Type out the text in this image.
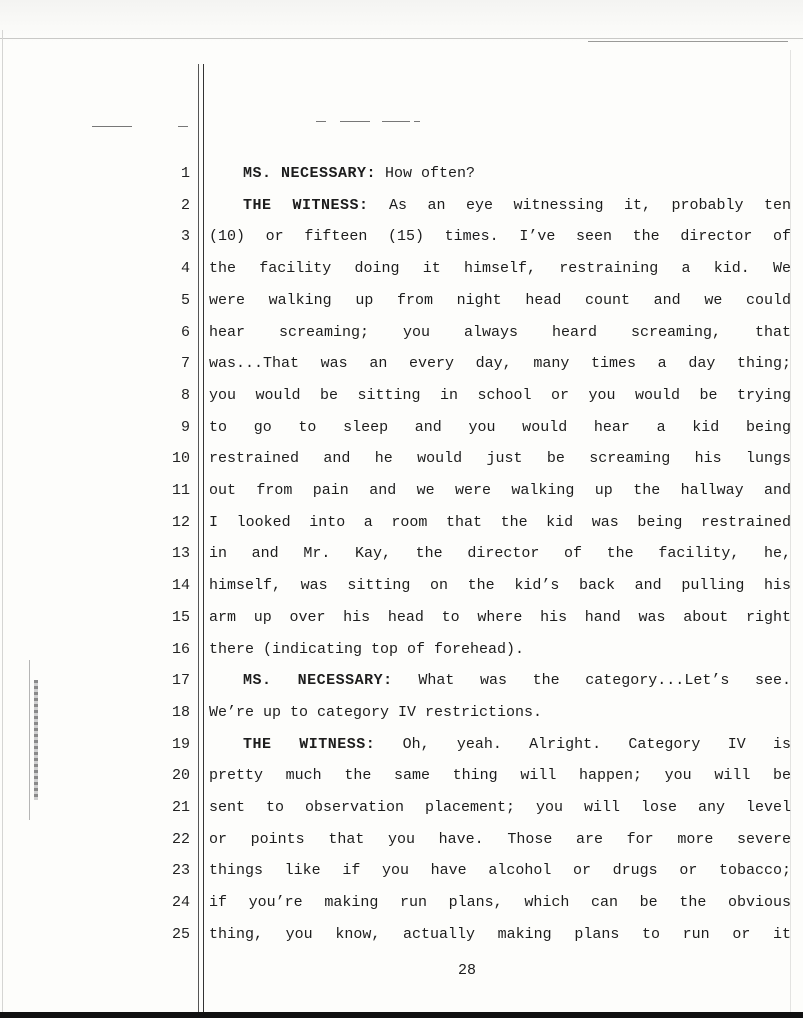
1	MS. NECESSARY: How often?
2	THE WITNESS: As an eye witnessing it, probably ten
3 (10) or fifteen (15) times. I’ve seen the director of
4 the facility doing it himself, restraining a kid. We
5 were walking up from night head count and we could
6 hear screaming; you always heard screaming, that
7 was...That was an every day, many times a day thing;
8 you would be sitting in school or you would be trying
9 to go to sleep and you would hear a kid being
10 restrained and he would just be screaming his lungs
11 out from pain and we were walking up the hallway and
12 I looked into a room that the kid was being restrained
13 in and Mr. Kay, the director of the facility, he,
14 himself, was sitting on the kid’s back and pulling his
15 arm up over his head to where his hand was about right
16 there (indicating top of forehead).
17	MS. NECESSARY: What was the category...Let’s see.
18 We’re up to category IV restrictions.
19	THE WITNESS: Oh, yeah. Alright. Category IV is
20 pretty much the same thing will happen; you will be
21 sent to observation placement; you will lose any level
22 or points that you have. Those are for more severe
23 things like if you have alcohol or drugs or tobacco;
24 if you’re making run plans, which can be the obvious
25 thing, you know, actually making plans to run or it
28
